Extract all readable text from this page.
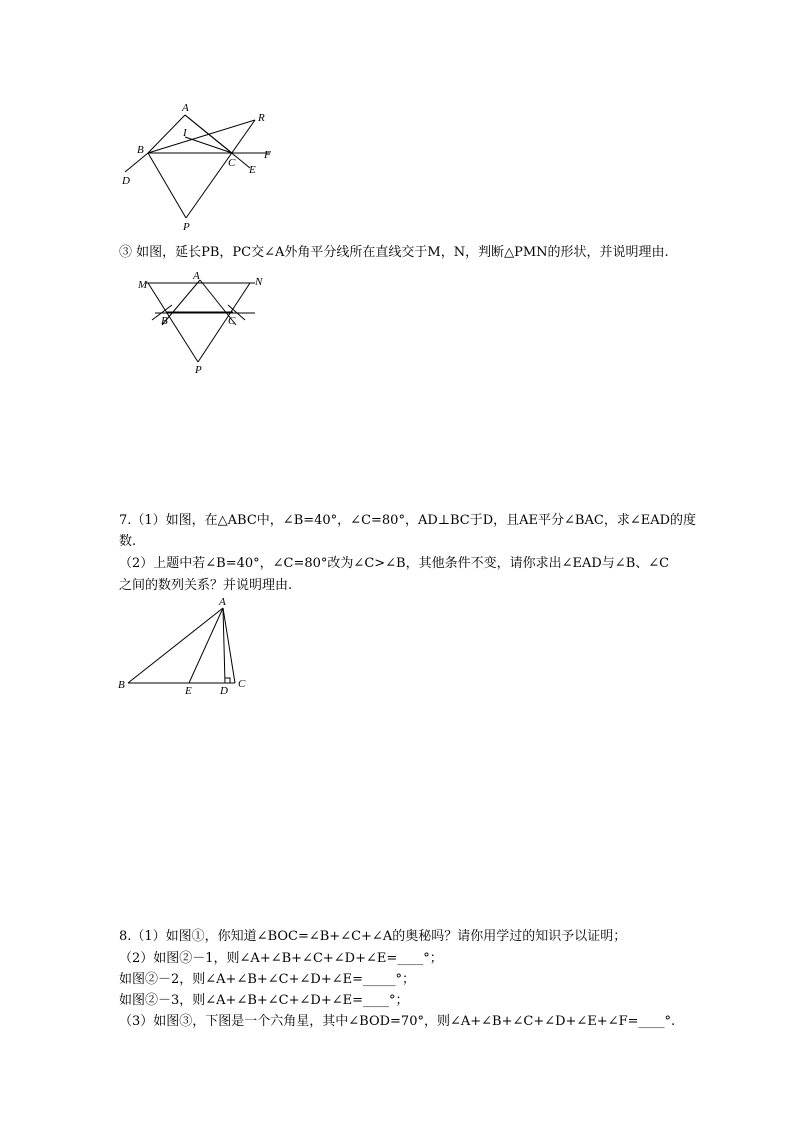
A
R
I
B
C
F
D
E
P
③ 如图，延长PB，PC交∠A外角平分线所在直线交于M，N，判断△PMN的形状，并说明理由.
M
A	N
B	C
P
7.（1）如图，在△ABC中，∠B=40°，∠C=80°，AD⊥BC于D，且AE平分∠BAC，求∠EAD的度
数.
（2）上题中若∠B=40°，∠C=80°改为∠C>∠B，其他条件不变，请你求出∠EAD与∠B、∠C
之间的数列关系？并说明理由.
A
B	E	D
C
8.（1）如图①，你知道∠BOC=∠B+∠C+∠A的奥秘吗？请你用学过的知识予以证明；
（2）如图②－1，则∠A+∠B+∠C+∠D+∠E=____°；
如图②－2，则∠A+∠B+∠C+∠D+∠E=_____°；
如图②－3，则∠A+∠B+∠C+∠D+∠E=____°；
（3）如图③，下图是一个六角星，其中∠BOD=70°，则∠A+∠B+∠C+∠D+∠E+∠F=____°.
